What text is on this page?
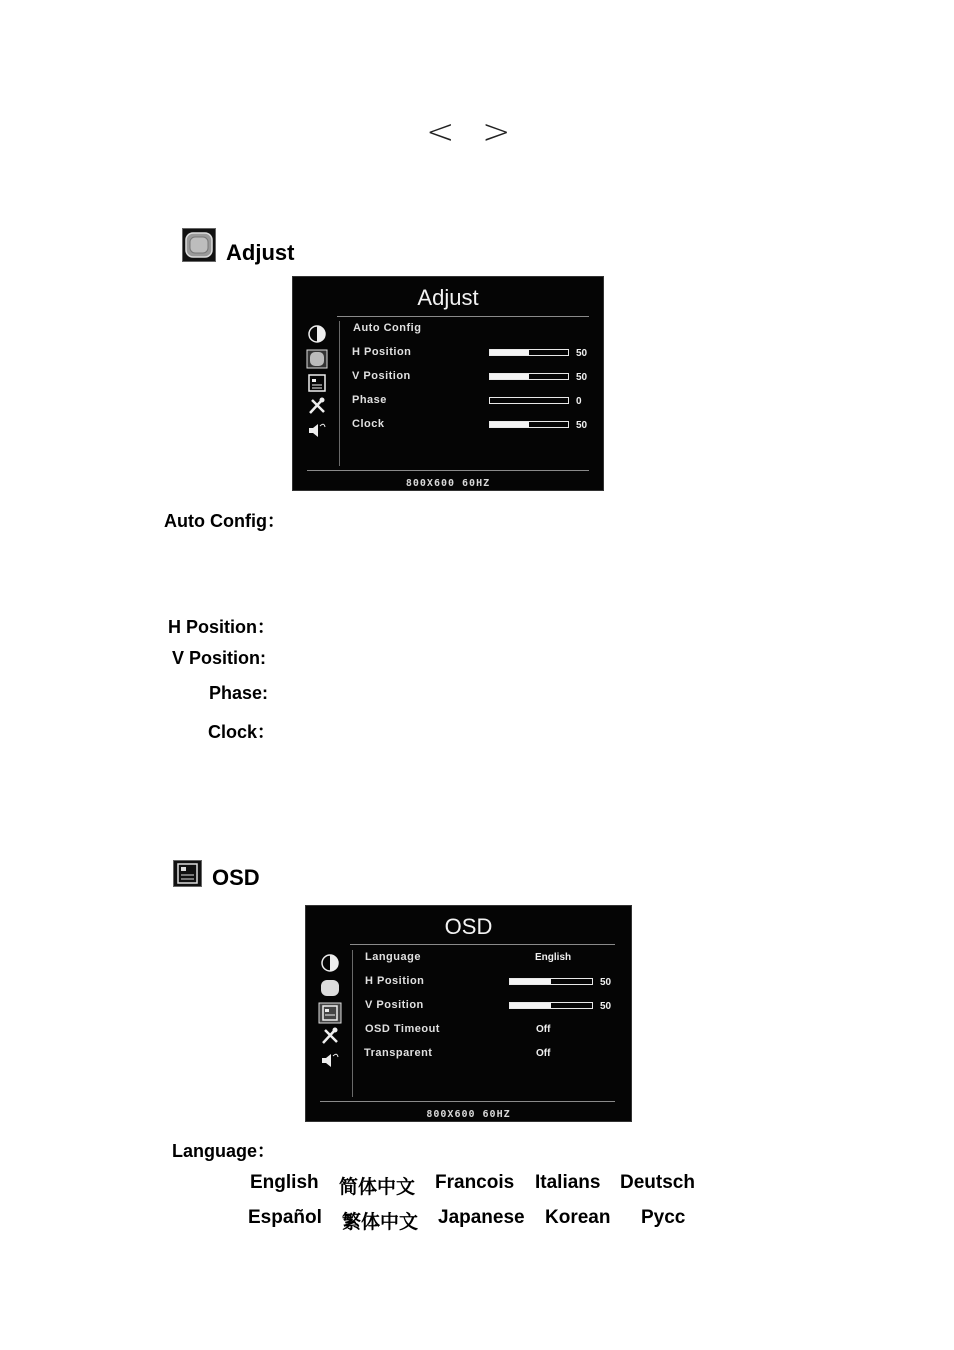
< >
Adjust
Adjust
Auto Config
H Position	50
V Position	50
Phase	0
Clock	50
800X600 60HZ
Auto Config：
H Position：
V Position:
Phase:
Clock：
OSD
OSD
Language	English
H Position	50
V Position	50
OSD Timeout	Off
Transparent	Off
800X600 60HZ
Language：
English 简体中文 Francois Italians Deutsch
Español 繁体中文 Japanese Korean Pycc
